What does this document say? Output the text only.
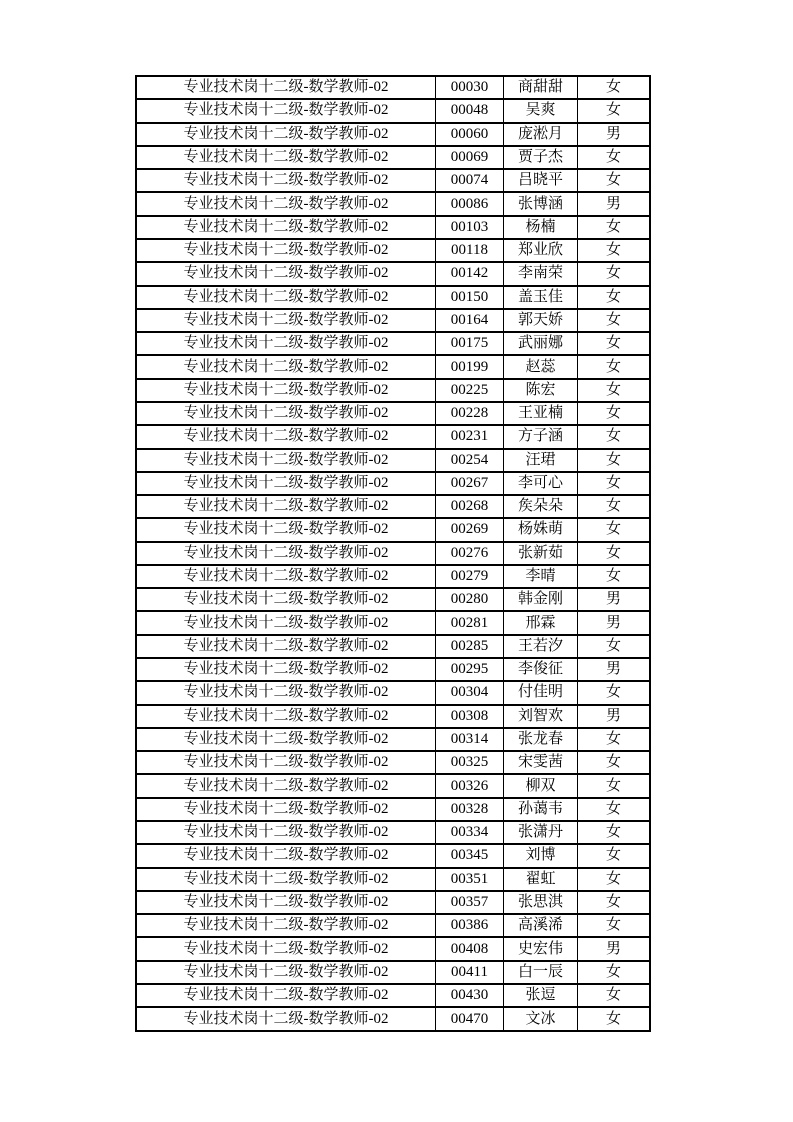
专业技术岗十二级-数学教师-02	00030	商甜甜	女
专业技术岗十二级-数学教师-02	00048	吴爽	女
专业技术岗十二级-数学教师-02	00060	庞淞月	男
专业技术岗十二级-数学教师-02	00069	贾子杰	女
专业技术岗十二级-数学教师-02	00074	吕晓平	女
专业技术岗十二级-数学教师-02	00086	张博涵	男
专业技术岗十二级-数学教师-02	00103	杨楠	女
专业技术岗十二级-数学教师-02	00118	郑业欣	女
专业技术岗十二级-数学教师-02	00142	李南荣	女
专业技术岗十二级-数学教师-02	00150	盖玉佳	女
专业技术岗十二级-数学教师-02	00164	郭天娇	女
专业技术岗十二级-数学教师-02	00175	武丽娜	女
专业技术岗十二级-数学教师-02	00199	赵蕊	女
专业技术岗十二级-数学教师-02	00225	陈宏	女
专业技术岗十二级-数学教师-02	00228	王亚楠	女
专业技术岗十二级-数学教师-02	00231	方子涵	女
专业技术岗十二级-数学教师-02	00254	汪珺	女
专业技术岗十二级-数学教师-02	00267	李可心	女
专业技术岗十二级-数学教师-02	00268	矦朵朵	女
专业技术岗十二级-数学教师-02	00269	杨姝萌	女
专业技术岗十二级-数学教师-02	00276	张新茹	女
专业技术岗十二级-数学教师-02	00279	李晴	女
专业技术岗十二级-数学教师-02	00280	韩金刚	男
专业技术岗十二级-数学教师-02	00281	邢霖	男
专业技术岗十二级-数学教师-02	00285	王若汐	女
专业技术岗十二级-数学教师-02	00295	李俊征	男
专业技术岗十二级-数学教师-02	00304	付佳明	女
专业技术岗十二级-数学教师-02	00308	刘智欢	男
专业技术岗十二级-数学教师-02	00314	张龙春	女
专业技术岗十二级-数学教师-02	00325	宋雯茜	女
专业技术岗十二级-数学教师-02	00326	柳双	女
专业技术岗十二级-数学教师-02	00328	孙蔼韦	女
专业技术岗十二级-数学教师-02	00334	张潇丹	女
专业技术岗十二级-数学教师-02	00345	刘博	女
专业技术岗十二级-数学教师-02	00351	翟虹	女
专业技术岗十二级-数学教师-02	00357	张思淇	女
专业技术岗十二级-数学教师-02	00386	高溪浠	女
专业技术岗十二级-数学教师-02	00408	史宏伟	男
专业技术岗十二级-数学教师-02	00411	白一辰	女
专业技术岗十二级-数学教师-02	00430	张逗	女
专业技术岗十二级-数学教师-02	00470	文冰	女
